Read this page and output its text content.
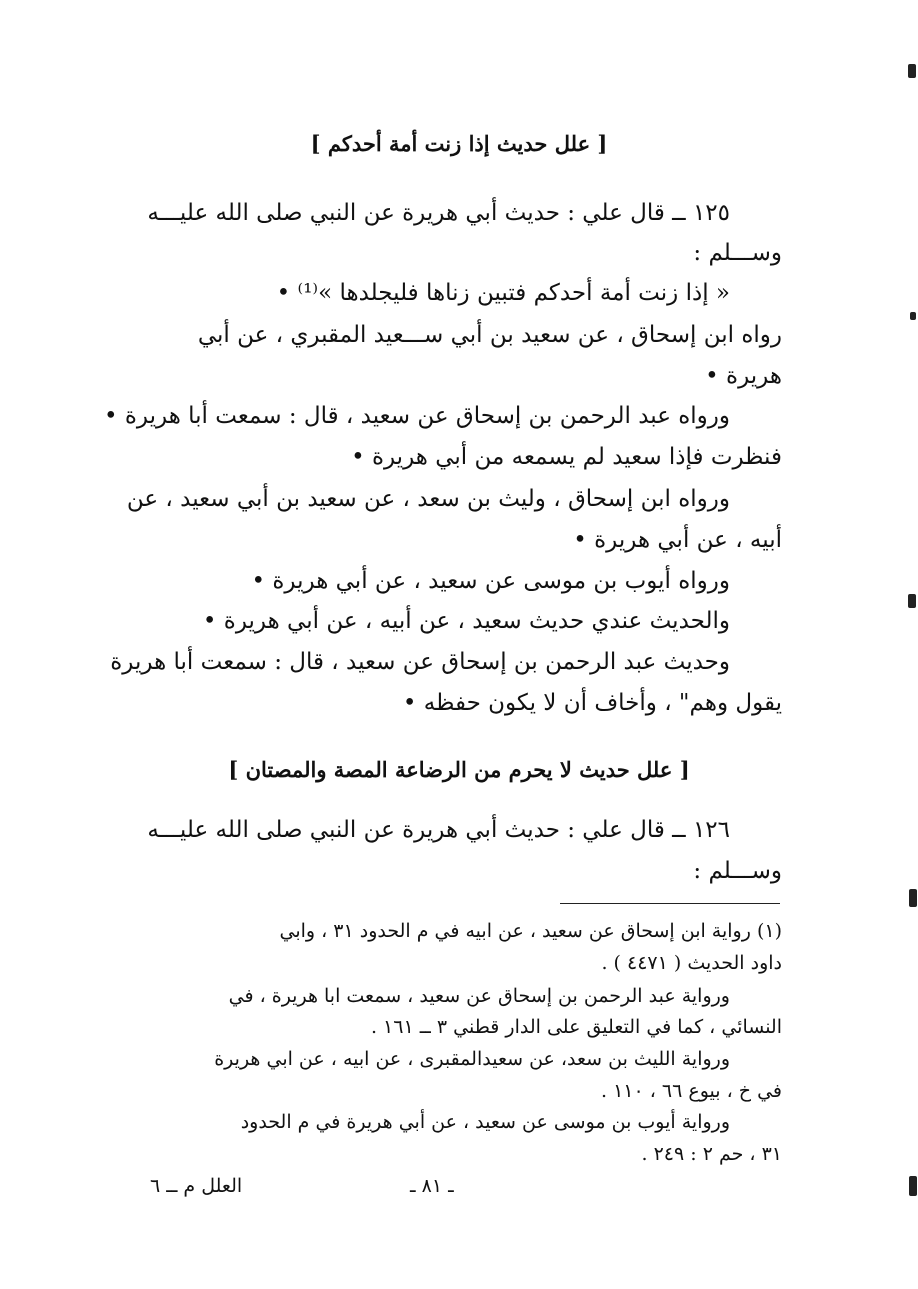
[ علل حديث إذا زنت أمة أحدكم ]
١٢٥ ــ قال علي : حديث أبي هريرة عن النبي صلى الله عليـــه
وســـلم :
« إذا زنت أمة أحدكم فتبين زناها فليجلدها »⁽¹⁾ •
رواه ابن إسحاق ، عن سعيد بن أبي ســـعيد المقبري ، عن أبي
هريرة •
ورواه عبد الرحمن بن إسحاق عن سعيد ، قال : سمعت أبا هريرة •
فنظرت فإذا سعيد لم يسمعه من أبي هريرة •
ورواه ابن إسحاق ، وليث بن سعد ، عن سعيد بن أبي سعيد ، عن
أبيه ، عن أبي هريرة •
ورواه أيوب بن موسى عن سعيد ، عن أبي هريرة •
والحديث عندي حديث سعيد ، عن أبيه ، عن أبي هريرة •
وحديث عبد الرحمن بن إسحاق عن سعيد ، قال : سمعت أبا هريرة
يقول وهم" ، وأخاف أن لا يكون حفظه •
[ علل حديث لا يحرم من الرضاعة المصة والمصتان ]
١٢٦ ــ قال علي : حديث أبي هريرة عن النبي صلى الله عليـــه
وســـلم :
(١) رواية ابن إسحاق عن سعيد ، عن ابيه في م الحدود ٣١ ، وابي
داود الحديث ( ٤٤٧١ ) .
ورواية عبد الرحمن بن إسحاق عن سعيد ، سمعت ابا هريرة ، في
النسائي ، كما في التعليق على الدار قطني ٣ ــ ١٦١ .
ورواية الليث بن سعد، عن سعيدالمقبرى ، عن ابيه ، عن ابي هريرة
في خ ، بيوع ٦٦ ، ١١٠ .
ورواية أيوب بن موسى عن سعيد ، عن أبي هريرة في م الحدود
٣١ ، حم ٢ : ٢٤٩ .
ـ ٨١ ـ
العلل م ــ ٦
